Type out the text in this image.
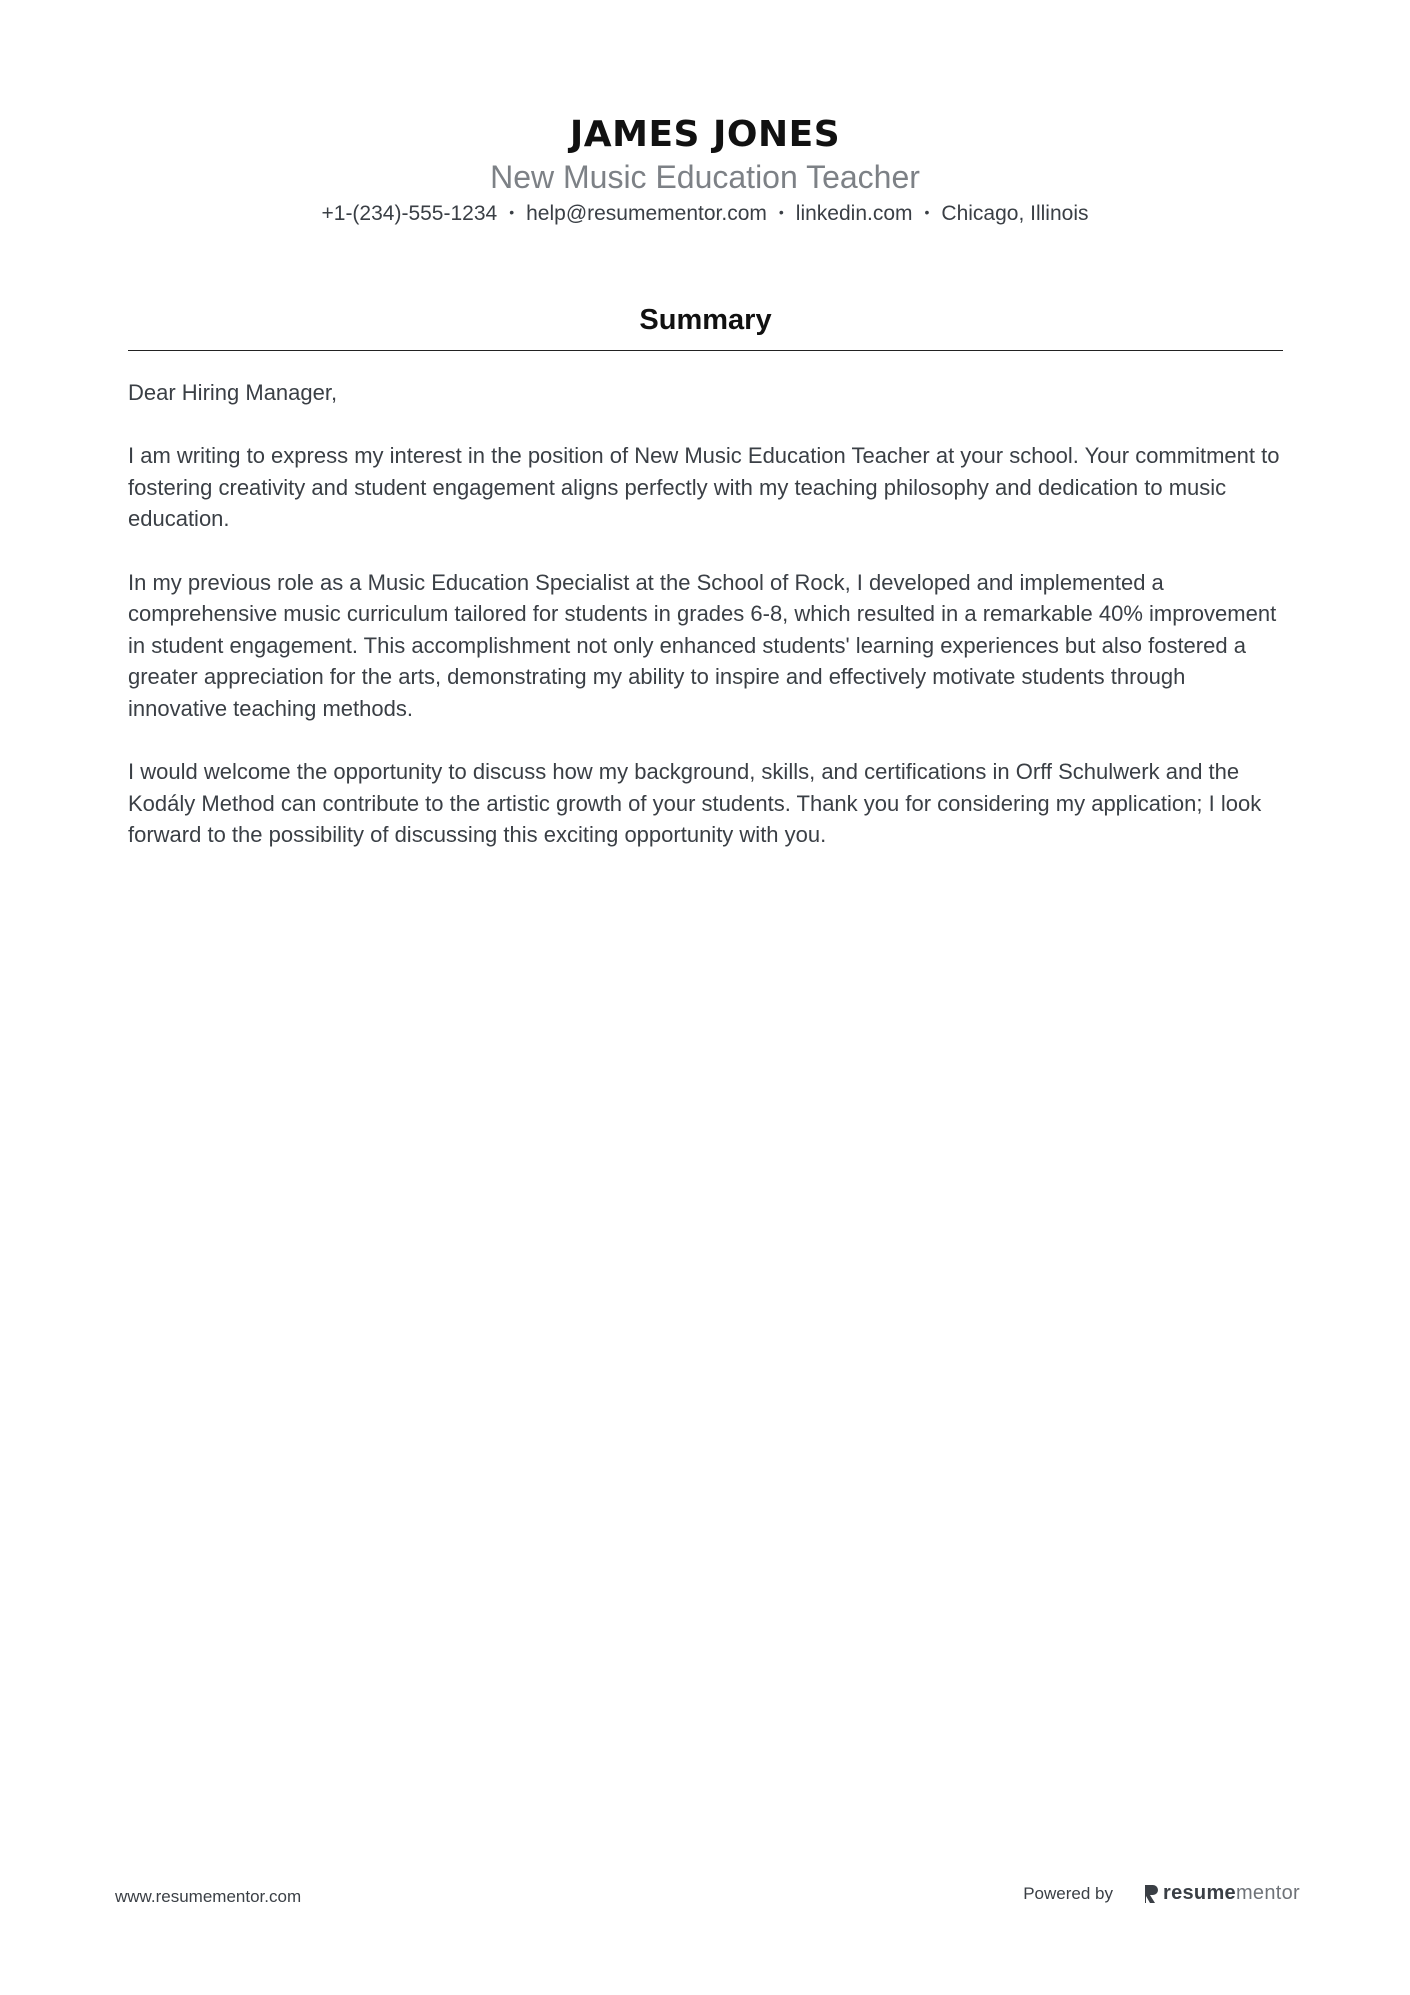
JAMES JONES
New Music Education Teacher
+1-(234)-555-1234 • help@resumementor.com • linkedin.com • Chicago, Illinois
Summary

Dear Hiring Manager,

I am writing to express my interest in the position of New Music Education Teacher at your school. Your commitment to fostering creativity and student engagement aligns perfectly with my teaching philosophy and dedication to music education.

In my previous role as a Music Education Specialist at the School of Rock, I developed and implemented a comprehensive music curriculum tailored for students in grades 6-8, which resulted in a remarkable 40% improvement in student engagement. This accomplishment not only enhanced students' learning experiences but also fostered a greater appreciation for the arts, demonstrating my ability to inspire and effectively motivate students through innovative teaching methods.

I would welcome the opportunity to discuss how my background, skills, and certifications in Orff Schulwerk and the Kodály Method can contribute to the artistic growth of your students. Thank you for considering my application; I look forward to the possibility of discussing this exciting opportunity with you.

www.resumementor.com	Powered by	resume mentor
